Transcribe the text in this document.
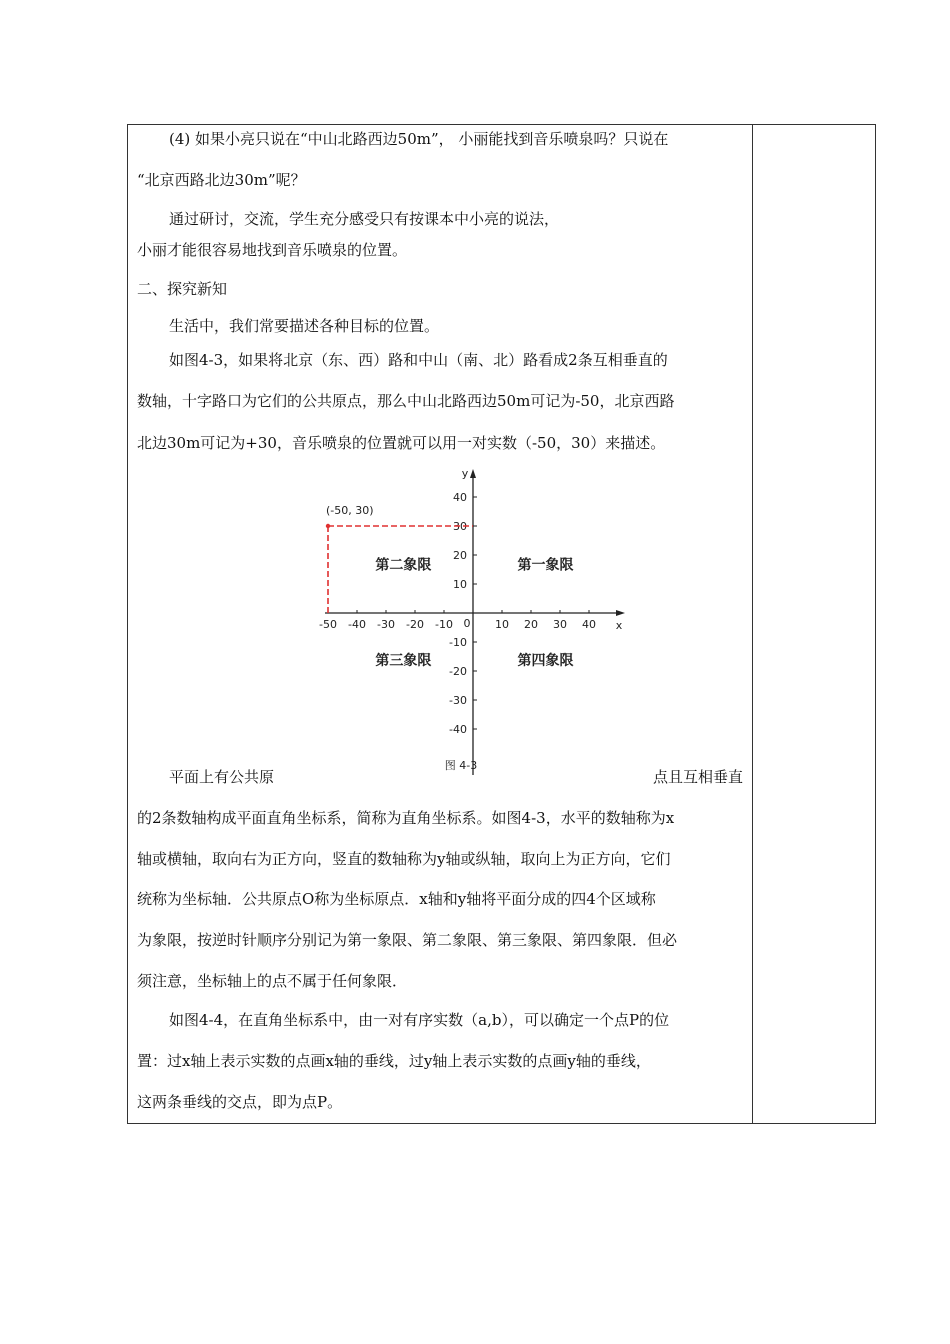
(4) 如果小亮只说在“中山北路西边50m”， 小丽能找到音乐喷泉吗？只说在
“北京西路北边30m”呢？
通过研讨，交流，学生充分感受只有按课本中小亮的说法，
小丽才能很容易地找到音乐喷泉的位置。
二、探究新知
生活中，我们常要描述各种目标的位置。
如图4-3，如果将北京（东、西）路和中山（南、北）路看成2条互相垂直的
数轴，十字路口为它们的公共原点，那么中山北路西边50m可记为-50，北京西路
北边30m可记为+30，音乐喷泉的位置就可以用一对实数（-50，30）来描述。
x
y
0
-50 -40 -30 -20 -10	10 20 30 40
40
30
20
10
-10
-20
-30
-40
(-50, 30)
第一象限
第二象限
第三象限	第四象限
图 4-3
平面上有公共原	点且互相垂直
的2条数轴构成平面直角坐标系，简称为直角坐标系。如图4-3，水平的数轴称为x
轴或横轴，取向右为正方向，竖直的数轴称为y轴或纵轴，取向上为正方向，它们
统称为坐标轴．公共原点O称为坐标原点．x轴和y轴将平面分成的四4个区域称
为象限，按逆时针顺序分别记为第一象限、第二象限、第三象限、第四象限．但必
须注意，坐标轴上的点不属于任何象限．
如图4-4，在直角坐标系中，由一对有序实数（a,b），可以确定一个点P的位
置：过x轴上表示实数的点画x轴的垂线，过y轴上表示实数的点画y轴的垂线，
这两条垂线的交点，即为点P。
